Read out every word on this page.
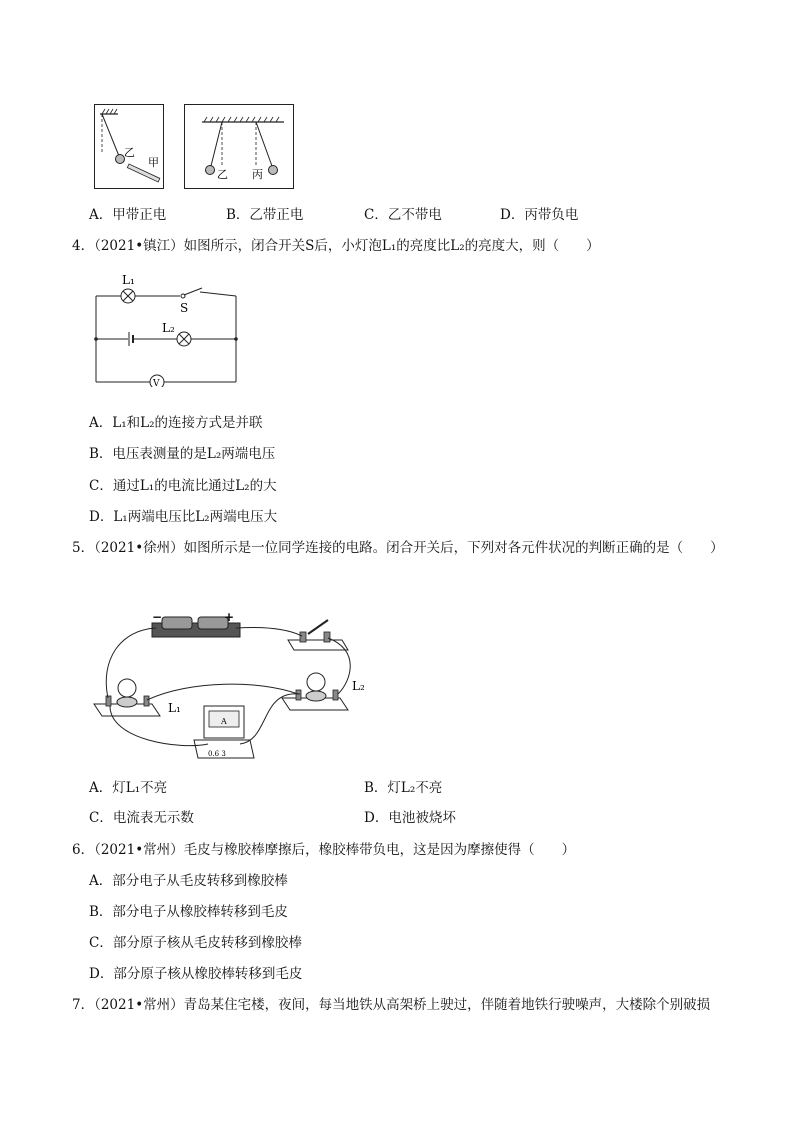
乙
甲
乙 丙
A．甲带正电	B．乙带正电	C．乙不带电	D．丙带负电
4．（2021•镇江）如图所示，闭合开关S后，小灯泡L₁的亮度比L₂的亮度大，则（　　）
V
L₁
S
L₂
A．L₁和L₂的连接方式是并联
B．电压表测量的是L₂两端电压
C．通过L₁的电流比通过L₂的大
D．L₁两端电压比L₂两端电压大
5．（2021•徐州）如图所示是一位同学连接的电路。闭合开关后，下列对各元件状况的判断正确的是（　　）
−	+
L₁
L₂
A
0.6 3
A．灯L₁不亮	B．灯L₂不亮
C．电流表无示数	D．电池被烧坏
6．（2021•常州）毛皮与橡胶棒摩擦后，橡胶棒带负电，这是因为摩擦使得（　　）
A．部分电子从毛皮转移到橡胶棒
B．部分电子从橡胶棒转移到毛皮
C．部分原子核从毛皮转移到橡胶棒
D．部分原子核从橡胶棒转移到毛皮
7．（2021•常州）青岛某住宅楼，夜间，每当地铁从高架桥上驶过，伴随着地铁行驶噪声，大楼除个别破损
